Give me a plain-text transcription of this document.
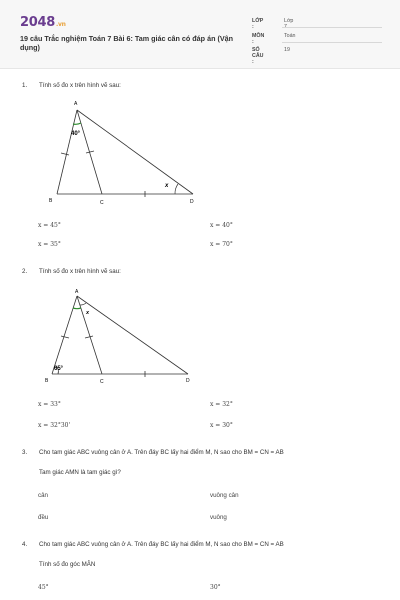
2048.vn
19 câu Trắc nghiệm Toán 7 Bài 6: Tam giác cân có đáp án (Vận dụng)
LỚP :
Lớp 7
MÔN :
Toán
SỐ CÂU :
19
1. Tính số đo x trên hình vẽ sau:
A
B	C	D
40°
x
x = 45°	x = 40°
x = 35°	x = 70°
2. Tính số đo x trên hình vẽ sau:
A
B	C	D
65°
x
x = 33°	x = 32°
x = 32°30'	x = 30°
3. Cho tam giác ABC vuông cân ở A. Trên đáy BC lấy hai điểm M, N sao cho BM = CN = AB
Tam giác AMN là tam giác gì?
cân	vuông cân
đều	vuông
4. Cho tam giác ABC vuông cân ở A. Trên đáy BC lấy hai điểm M, N sao cho BM = CN = AB
Tính số đo góc MÂN
45°	30°
